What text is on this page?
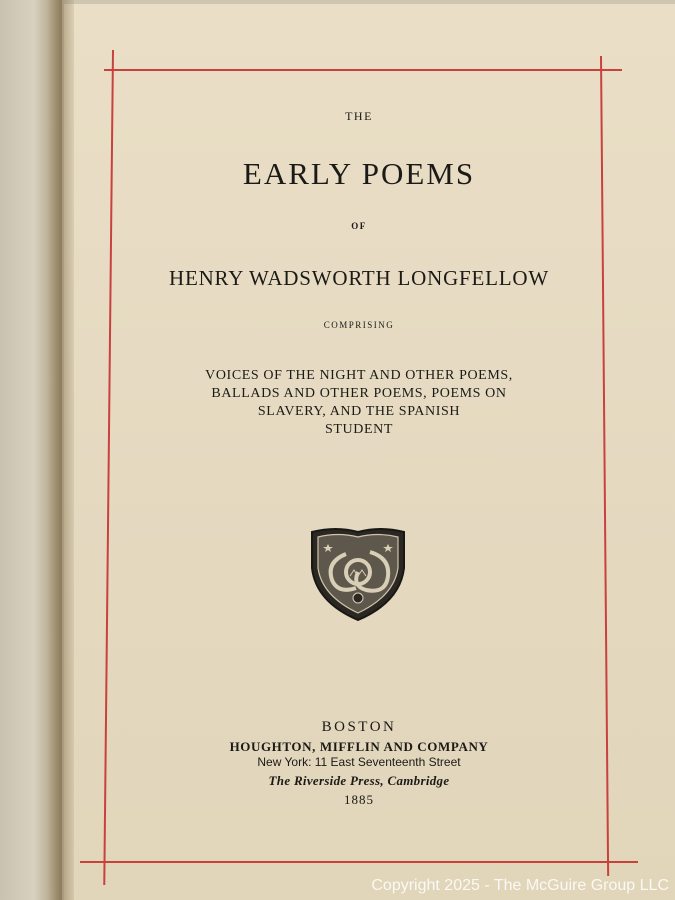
THE
EARLY POEMS
OF
HENRY WADSWORTH LONGFELLOW
COMPRISING
VOICES OF THE NIGHT AND OTHER POEMS,
BALLADS AND OTHER POEMS, POEMS ON
SLAVERY, AND THE SPANISH
STUDENT
BOSTON
HOUGHTON, MIFFLIN AND COMPANY
New York: 11 East Seventeenth Street
The Riverside Press, Cambridge
1885
Copyright 2025 - The McGuire Group LLC
